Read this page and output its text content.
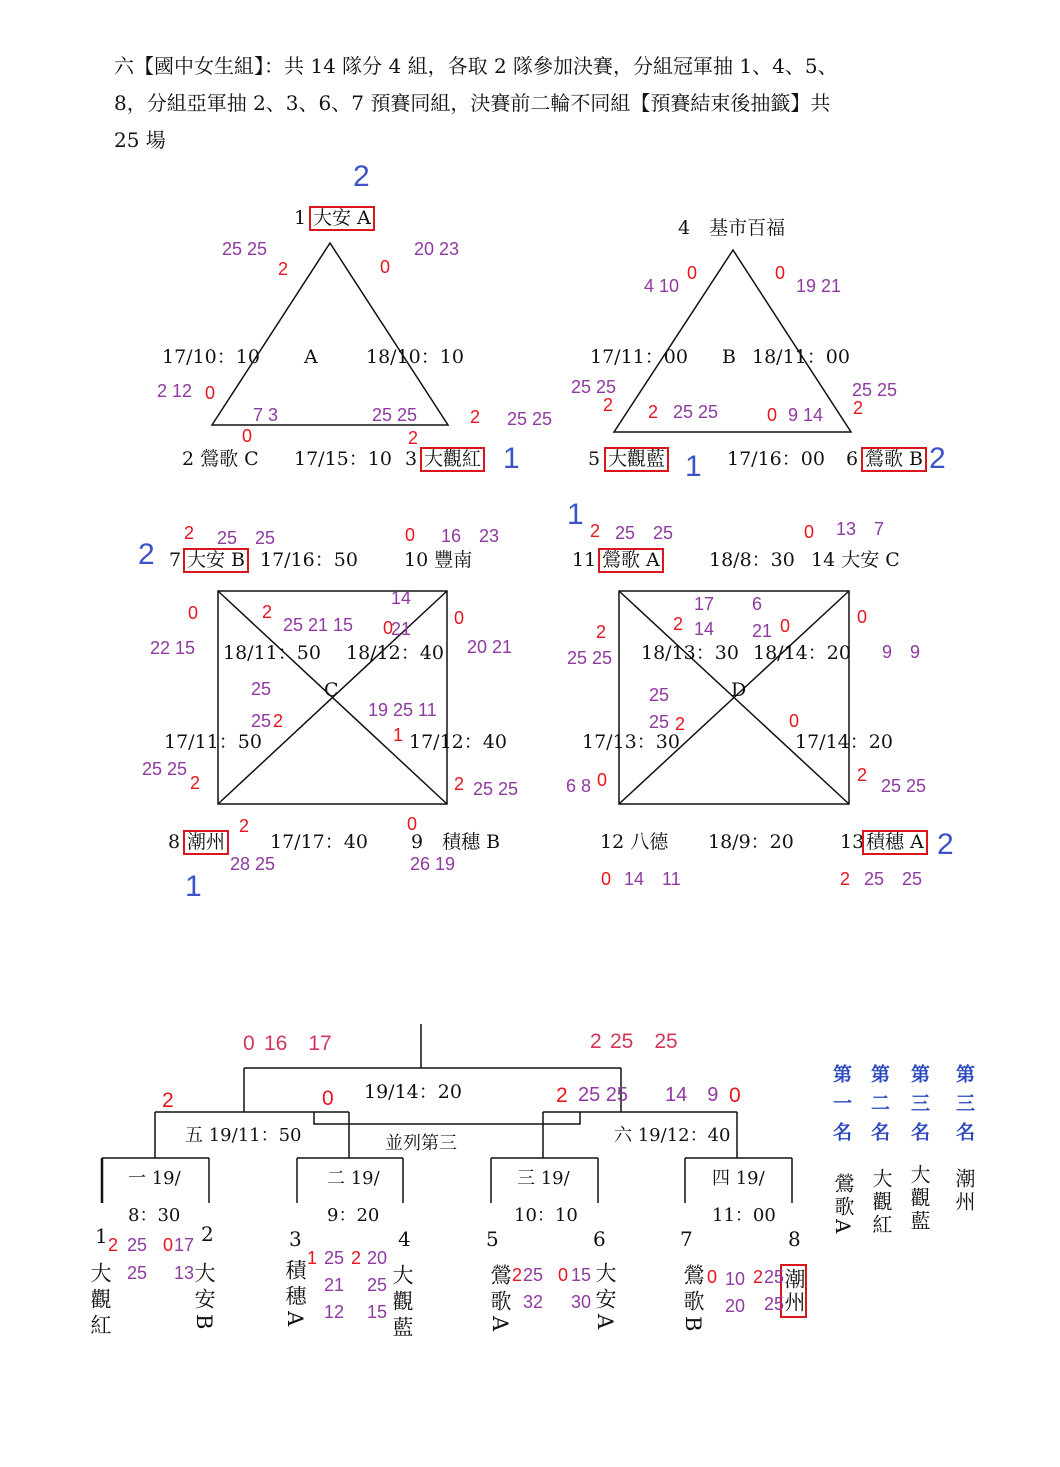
六【國中女生組】：共 14 隊分 4 組，各取 2 隊參加決賽，分組冠軍抽 1、4、5、
8，分組亞軍抽 2、3、6、7 預賽同組，決賽前二輪不同組【預賽結束後抽籤】共
25 場
2
1 大安 A
25 25
2	0
20 23
17/10：10 A	18/10：10
2 12 0
7 3
0
25 25
2
2 25 25
2 鶯歌 C 17/15：10 3 大觀紅 1
4　基市百福
0
4 10
0
19 21
17/11：00 B 18/11：00
25 25
2 2 25 25	0 9 14
25 25
2
5 大觀藍 1 17/16：00 6 鶯歌 B 2
2 25　25	0 16　23
2 7 大安 B 17/16：50 10 豐南
14
0	2
25 21 15 0
21
0
22 15 18/11：50 18/12：40 20 21
25	C
19 25 11
25 2
1
17/11：50	17/12：40
25 25
2	2 25 25
2	0
8 潮州 17/17：40 9　積穗 B
28 25	26 19
1
1 2 25　25	0 13　7
11 鶯歌 A	18/8：30 14 大安 C
17 6
0
2 14 21 0
2
25 25 18/13：30 18/14：20 9　9
25	D
25 2	0
17/13：30	17/14：20
2
6 8 0	25 25
12 八德 18/9：20 13 積穗 A 2
0 14　11	2 25　25
0 16　17	2 25　25
19/14：20
2	0	2 25 25 14　9 0
五 19/11：50	並列第三	六 19/12：40
一 19/
8：30
二 19/
9：20
三 19/
10：10
四 19/
11：00
1	2	3	4	5	6	7	8
大觀紅	大安B	積穗A	大觀藍	鶯歌A	大安A	鶯歌B	潮州
2 25
25
0 17
13
1 25
21
12
2 20
25
15
2 25
32
0 15
30
0 10
20
2 25
25
第一名 第二名 第三名 第三名
鶯歌A 大觀紅 大觀藍 潮州
